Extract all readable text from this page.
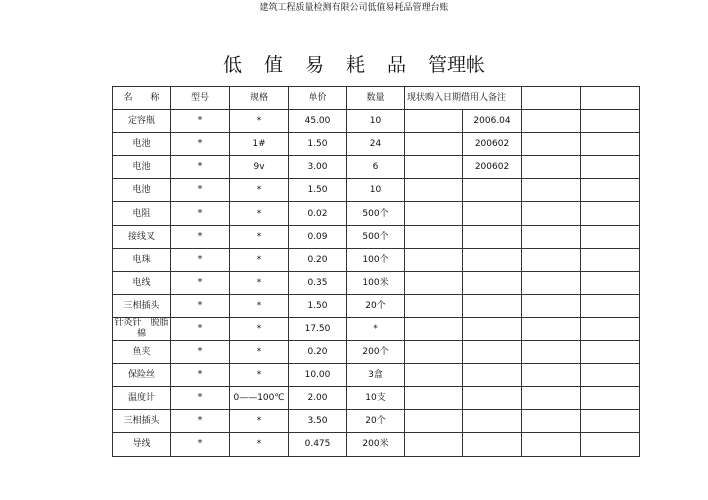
建筑工程质量检测有限公司低值易耗品管理台账
低 值 易 耗 品 管理帐
名　　称	型号	规格	单价	数量	现状购入日期借用人备注			
定容瓶	*	*	45.00	10		2006.04		
电池	*	1#	1.50	24		200602		
电池	*	9v	3.00	6		200602		
电池	*	*	1.50	10				
电阻	*	*	0.02	500个				
接线叉	*	*	0.09	500个				
电珠	*	*	0.20	100个				
电线	*	*	0.35	100米				
三相插头	*	*	1.50	20个				
针灸针　脱脂棉	*	*	17.50	*				
鱼夹	*	*	0.20	200个				
保险丝	*	*	10.00	3盒				
温度计	*	0——100℃	2.00	10支				
三相插头	*	*	3.50	20个				
导线	*	*	0.475	200米				
